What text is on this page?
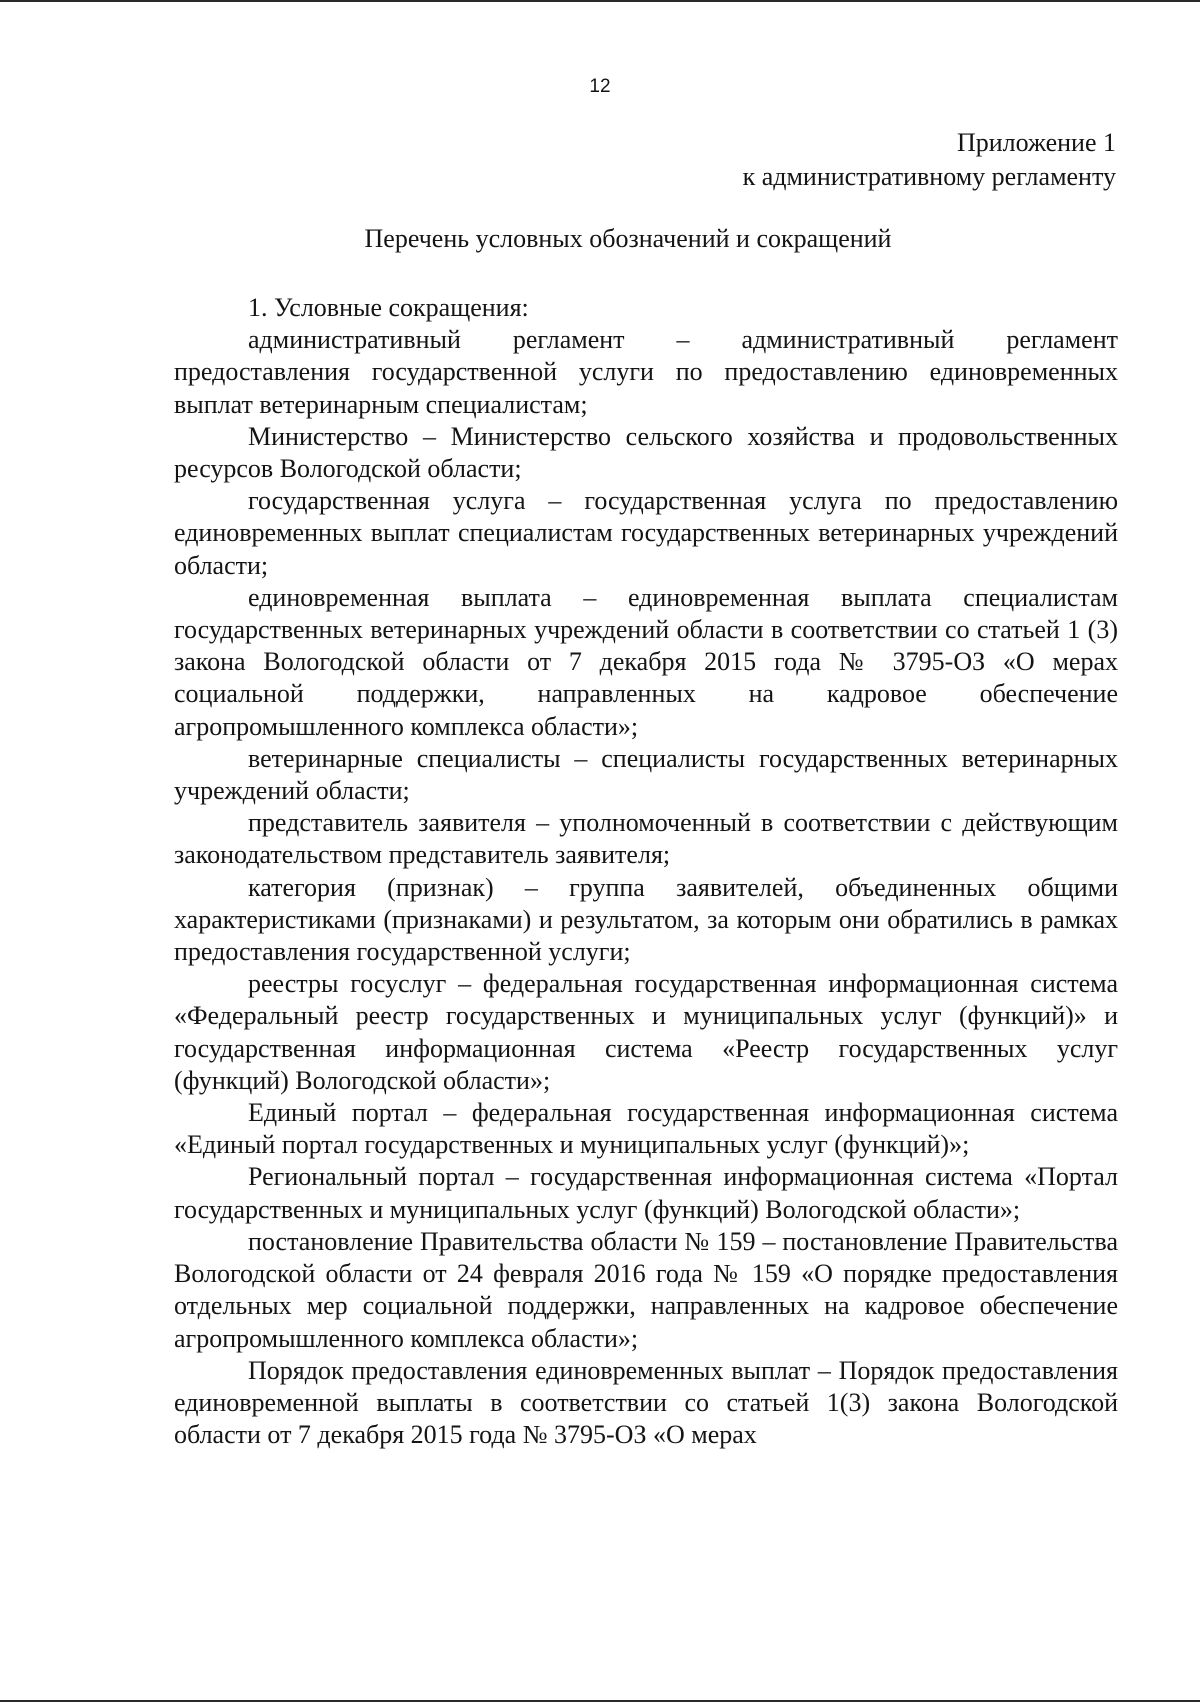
12
Приложение 1
к административному регламенту
Перечень условных обозначений и сокращений

1. Условные сокращения:

административный регламент – административный регламент предоставления государственной услуги по предоставлению единовременных выплат ветеринарным специалистам;

Министерство – Министерство сельского хозяйства и продовольственных ресурсов Вологодской области;

государственная услуга – государственная услуга по предоставлению единовременных выплат специалистам государственных ветеринарных учреждений области;

единовременная выплата – единовременная выплата специалистам государственных ветеринарных учреждений области в соответствии со статьей 1 (3) закона Вологодской области от 7 декабря 2015 года № 3795-ОЗ «О мерах социальной поддержки, направленных на кадровое обеспечение агропромышленного комплекса области»;

ветеринарные специалисты – специалисты государственных ветеринарных учреждений области;

представитель заявителя – уполномоченный в соответствии с действующим законодательством представитель заявителя;

категория (признак) – группа заявителей, объединенных общими характеристиками (признаками) и результатом, за которым они обратились в рамках предоставления государственной услуги;

реестры госуслуг – федеральная государственная информационная система «Федеральный реестр государственных и муниципальных услуг (функций)» и государственная информационная система «Реестр государственных услуг (функций) Вологодской области»;

Единый портал – федеральная государственная информационная система «Единый портал государственных и муниципальных услуг (функций)»;

Региональный портал – государственная информационная система «Портал государственных и муниципальных услуг (функций) Вологодской области»;

постановление Правительства области № 159 – постановление Правительства Вологодской области от 24 февраля 2016 года № 159 «О порядке предоставления отдельных мер социальной поддержки, направленных на кадровое обеспечение агропромышленного комплекса области»;

Порядок предоставления единовременных выплат – Порядок предоставления единовременной выплаты в соответствии со статьей 1(3) закона Вологодской области от 7 декабря 2015 года № 3795-ОЗ «О мерах
